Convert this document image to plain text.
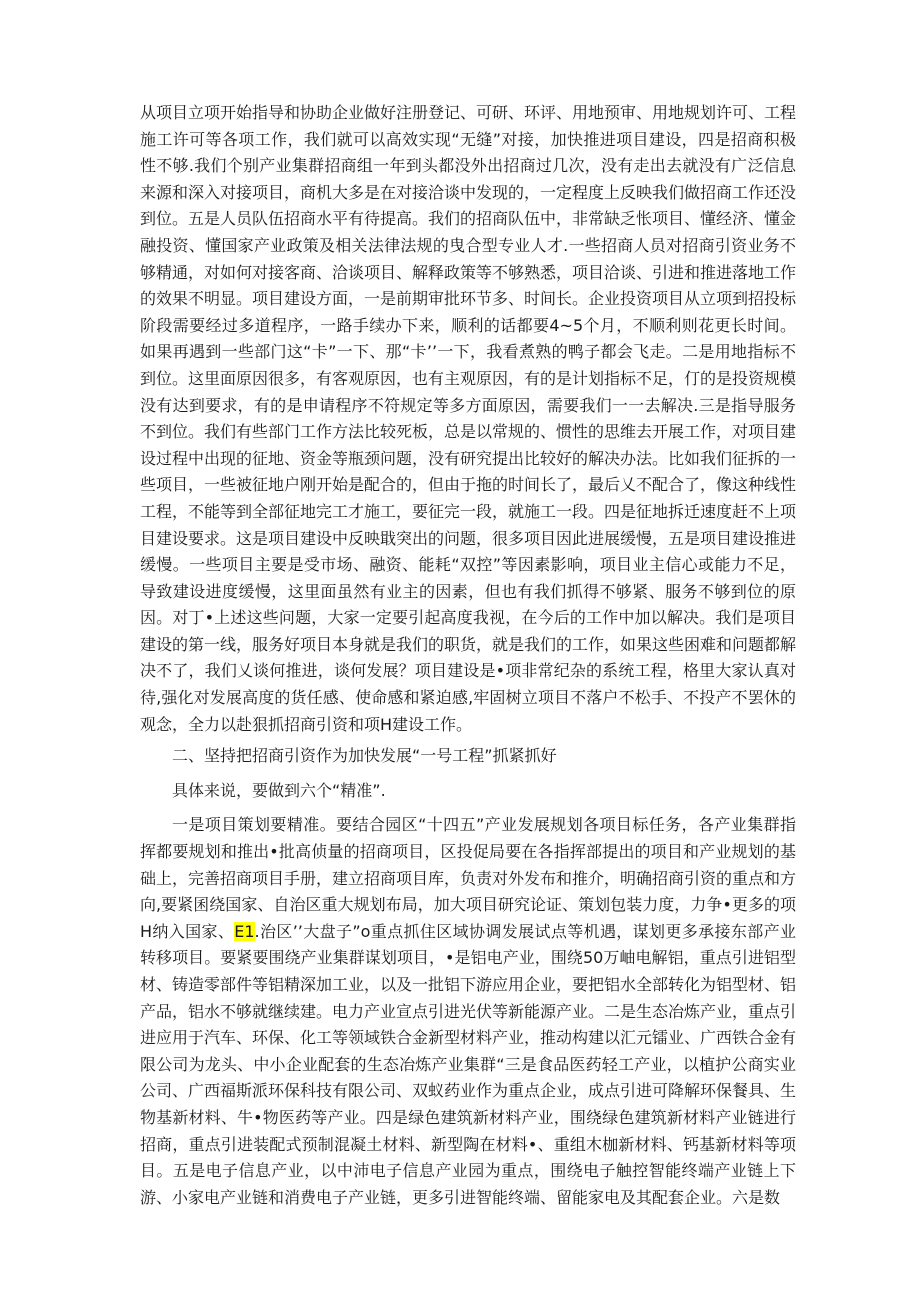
从项目立项开始指导和协助企业做好注册登记、可研、环评、用地预审、用地规划许可、工程施工许可等各项工作，我们就可以高效实现“无缝”对接，加快推进项目建设，四是招商积极性不够.我们个别产业集群招商组一年到头都没外出招商过几次，没有走出去就没有广泛信息来源和深入对接项目，商机大多是在对接洽谈中发现的，一定程度上反映我们做招商工作还没到位。五是人员队伍招商水平有待提高。我们的招商队伍中，非常缺乏怅项目、懂经济、懂金融投资、懂国家产业政策及相关法律法规的曳合型专业人才.一些招商人员对招商引资业务不够精通，对如何对接客商、洽谈项目、解释政策等不够熟悉，项目洽谈、引进和推进落地工作的效果不明显。项目建设方面，一是前期审批环节多、时间长。企业投资项目从立项到招投标阶段需要经过多道程序，一路手续办下来，顺利的话都要4~5个月，不顺利则花更长时间。如果再遇到一些部门这“卡”一下、那“卡’’一下，我看煮熟的鸭子都会飞走。二是用地指标不到位。这里面原因很多，有客观原因，也有主观原因，有的是计划指标不足，仃的是投资规模没有达到要求，有的是申请程序不符规定等多方面原因，需要我们一一去解决.三是指导服务不到位。我们有些部门工作方法比较死板，总是以常规的、惯性的思维去开展工作，对项目建设过程中出现的征地、资金等瓶颈问题，没有研究提出比较好的解决办法。比如我们征拆的一些项目，一些被征地户刚开始是配合的，但由于拖的时间长了，最后乂不配合了，像这种线性工程，不能等到全部征地完工才施工，要征完一段，就施工一段。四是征地拆迁速度赶不上项目建设要求。这是项目建设中反映戢突出的问题，很多项目因此进展缓慢，五是项目建设推进缓慢。一些项目主要是受市场、融资、能耗“双控”等因素影响，项目业主信心或能力不足，导致建设进度缓慢，这里面虽然有业主的因素，但也有我们抓得不够紧、服务不够到位的原因。对丁•上述这些问题，大家一定要引起高度我视，在今后的工作中加以解决。我们是项目建设的第一线，服务好项目本身就是我们的职货，就是我们的工作，如果这些困难和问题都解决不了，我们乂谈何推进，谈何发展？项目建设是•项非常纪杂的系统工程，格里大家认真对待,强化对发展高度的货任感、使命感和紧迫感,牢固树立项目不落户不松手、不投产不罢休的观念，全力以赴狠抓招商引资和项H建设工作。

二、坚持把招商引资作为加快发展“一号工程”抓紧抓好

具体来说，要做到六个“精准”.

一是项目策划要精准。要结合园区“十四五”产业发展规划各项目标任务，各产业集群指挥都要规划和推出•批高侦量的招商项目，区投促局要在各指挥部提出的项目和产业规划的基础上，完善招商项目手册，建立招商项目库，负责对外发布和推介，明确招商引资的重点和方向,要紧囷绕国家、自治区重大规划布局，加大项目研究论证、策划包装力度，力争•更多的项H纳入国家、E1.治区’’大盘子”o重点抓住区域协调发展试点等机遇，谋划更多承接东部产业转移项目。要紧要围绕产业集群谋划项目，•是铝电产业，围绕50万岫电解铝，重点引进铝型材、铸造零部件等铝精深加工业，以及一批铝下游应用企业，要把铝水全部转化为铝型材、铝产品，铝水不够就继续建。电力产业宣点引进光伏等新能源产业。二是生态冶炼产业，重点引进应用于汽车、环保、化工等领域铁合金新型材料产业，推动构建以汇元镭业、广西铁合金有限公司为龙头、中小企业配套的生态冶炼产业集群“三是食品医药轻工产业，以植护公商实业公司、广西福斯派环保科技有限公司、双蚁药业作为重点企业，成点引进可降解环保餐具、生物基新材料、牛•物医药等产业。四是绿色建筑新材料产业，围绕绿色建筑新材料产业链进行招商，重点引进装配式预制混凝土材料、新型陶在材料•、重组木枷新材料、钙基新材料等项目。五是电子信息产业，以中沛电子信息产业园为重点，围绕电子触控智能终端产业链上下游、小家电产业链和消费电子产业链，更多引进智能终端、留能家电及其配套企业。六是数
